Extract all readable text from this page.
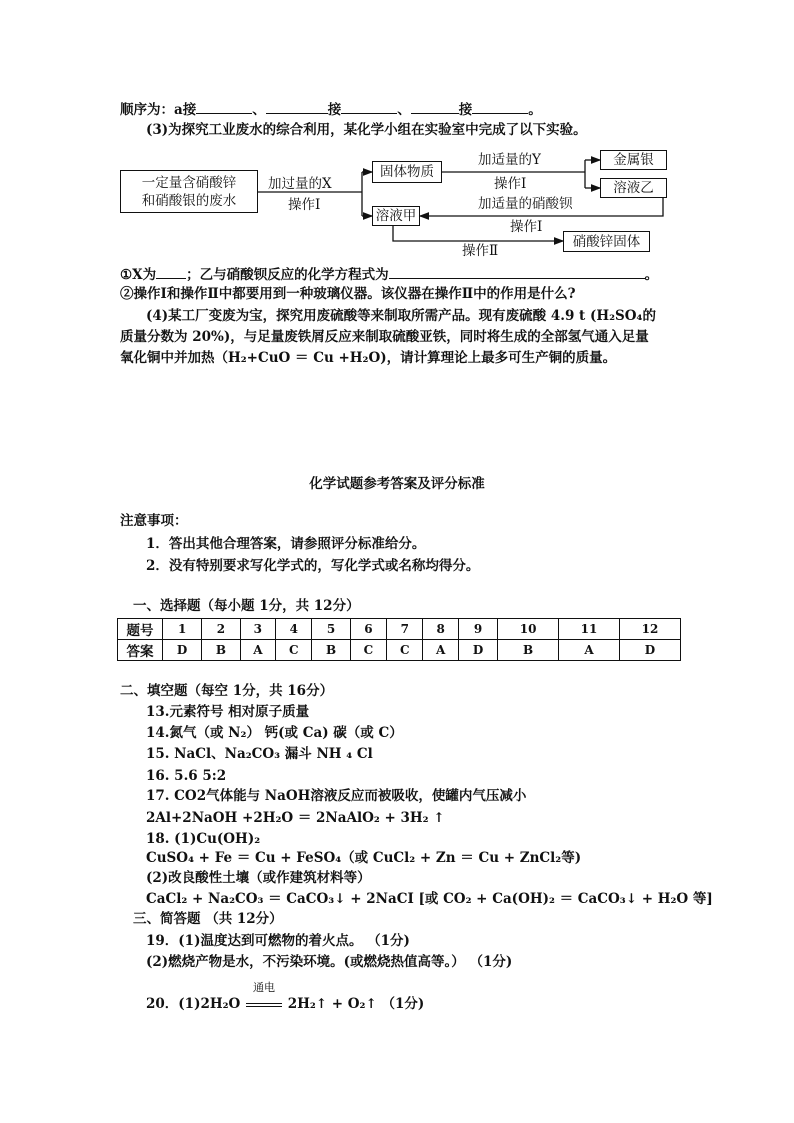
顺序为：a接	、	接	、	接	。
(3)为探究工业废水的综合利用，某化学小组在实验室中完成了以下实验。
一定量含硝酸锌
和硝酸银的废水
加过量的X
操作Ⅰ
固体物质
溶液甲
加适量的Y
操作Ⅰ
金属银
溶液乙
加适量的硝酸钡
操作Ⅰ
操作Ⅱ
硝酸锌固体
①X为 ；乙与硝酸钡反应的化学方程式为	。
②操作Ⅰ和操作Ⅱ中都要用到一种玻璃仪器。该仪器在操作Ⅱ中的作用是什么?
(4)某工厂变废为宝，探究用废硫酸等来制取所需产品。现有废硫酸 4.9 t (H₂SO₄的
质量分数为 20%)，与足量废铁屑反应来制取硫酸亚铁，同时将生成的全部氢气通入足量
氧化铜中并加热（H₂+CuO ＝ Cu +H₂O)，请计算理论上最多可生产铜的质量。
化学试题参考答案及评分标准
注意事项：
1．答出其他合理答案，请参照评分标准给分。
2．没有特别要求写化学式的，写化学式或名称均得分。
一、选择题（每小题 1分，共 12分）
题号	1	2	3	4	5	6	7	8	9	10	11	12
答案	D	B	A	C	B	C	C	A	D	B	A	D
二、填空题（每空 1分，共 16分）
13.元素符号 相对原子质量
14.氮气（或 N₂） 钙(或 Ca) 碳（或 C）
15. NaCl、Na₂CO₃ 漏斗 NH ₄ Cl
16. 5.6 5:2
17. CO2气体能与 NaOH溶液反应而被吸收，使罐内气压减小
2Al+2NaOH +2H₂O ＝ 2NaAlO₂ + 3H₂ ↑
18. (1)Cu(OH)₂
CuSO₄ + Fe ＝ Cu + FeSO₄（或 CuCl₂ + Zn ＝ Cu + ZnCl₂等)
(2)改良酸性土壤（或作建筑材料等）
CaCl₂ + Na₂CO₃ ＝ CaCO₃↓ + 2NaCI [或 CO₂ + Ca(OH)₂ ＝ CaCO₃↓ + H₂O 等]
三、简答题 （共 12分）
19．(1)温度达到可燃物的着火点。 （1分)
(2)燃烧产物是水，不污染环境。(或燃烧热值高等。） （1分)
20．(1)2H₂O
通电
2H₂↑ + O₂↑ （1分)
